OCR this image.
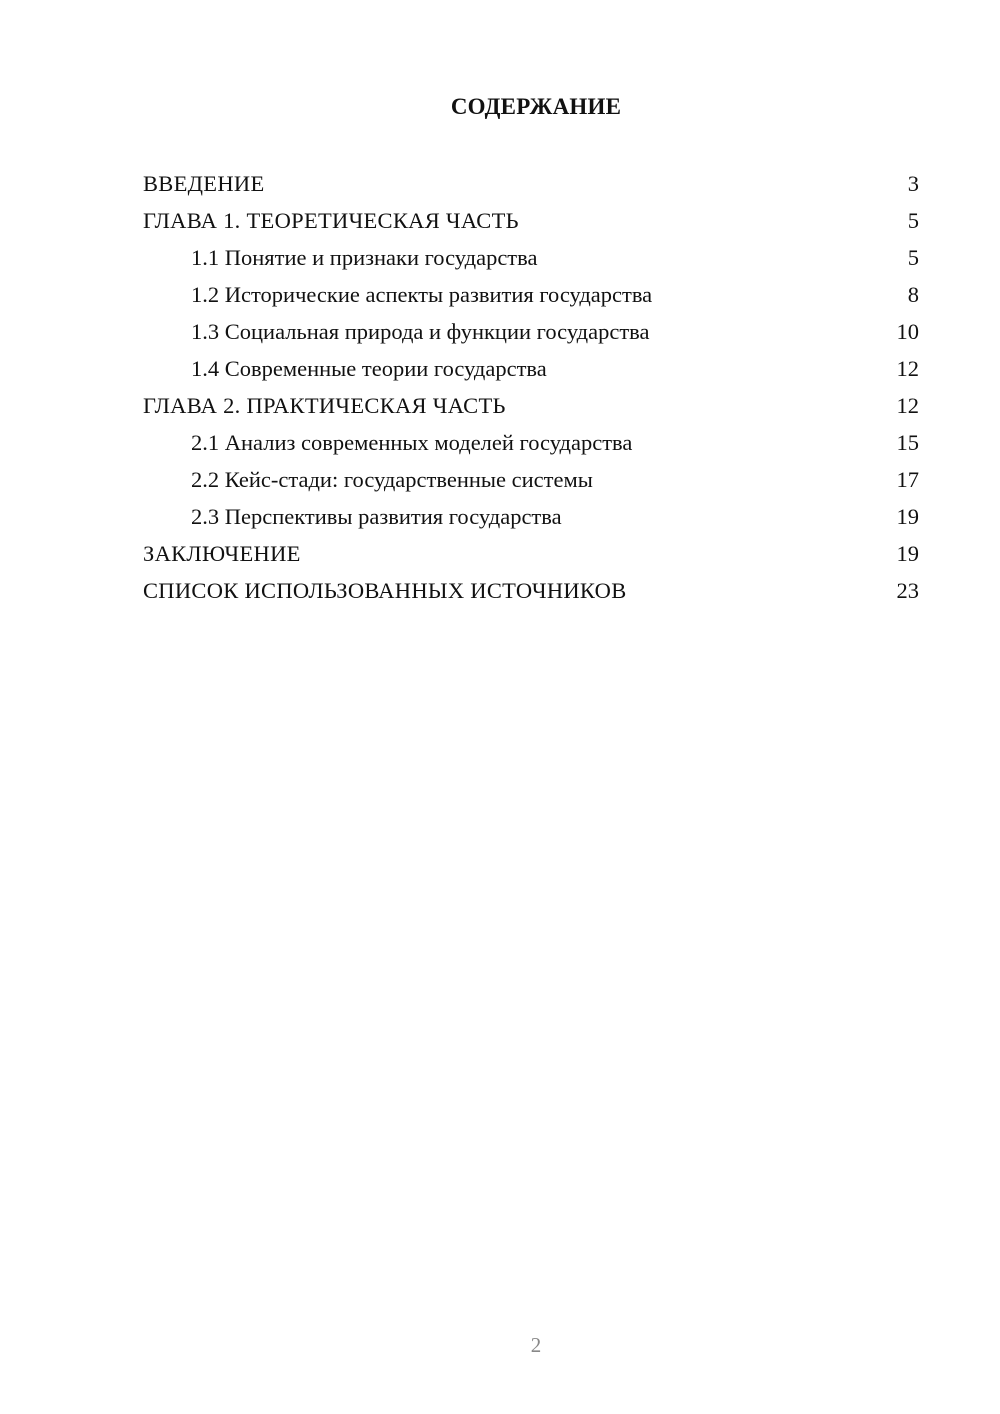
СОДЕРЖАНИЕ
ВВЕДЕНИЕ	3
ГЛАВА 1. ТЕОРЕТИЧЕСКАЯ ЧАСТЬ	5
1.1 Понятие и признаки государства	5
1.2 Исторические аспекты развития государства	8
1.3 Социальная природа и функции государства	10
1.4 Современные теории государства	12
ГЛАВА 2. ПРАКТИЧЕСКАЯ ЧАСТЬ	12
2.1 Анализ современных моделей государства	15
2.2 Кейс-стади: государственные системы	17
2.3 Перспективы развития государства	19
ЗАКЛЮЧЕНИЕ	19
СПИСОК ИСПОЛЬЗОВАННЫХ ИСТОЧНИКОВ	23
2
